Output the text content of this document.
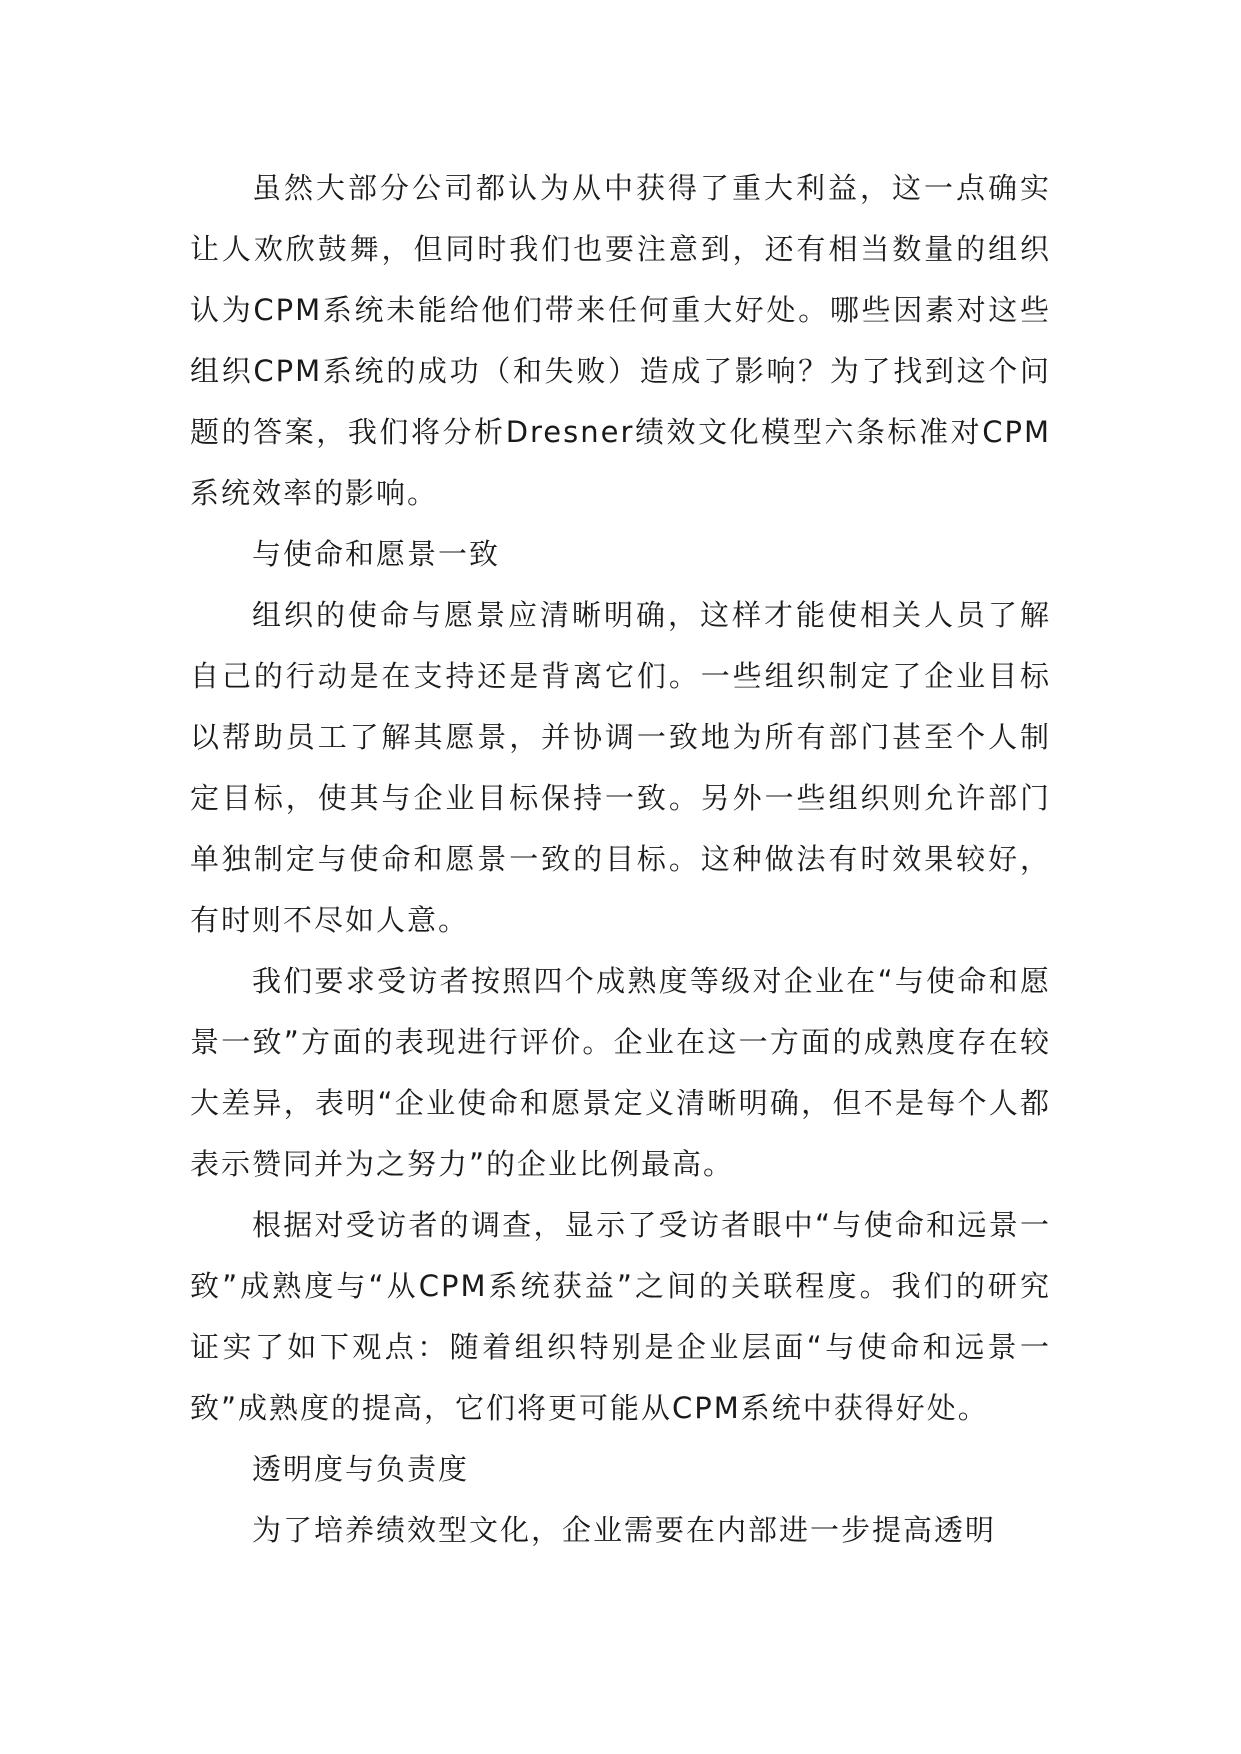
虽然大部分公司都认为从中获得了重大利益，这一点确实让人欢欣鼓舞，但同时我们也要注意到，还有相当数量的组织认为CPM系统未能给他们带来任何重大好处。哪些因素对这些组织CPM系统的成功（和失败）造成了影响？为了找到这个问题的答案，我们将分析Dresner绩效文化模型六条标准对CPM系统效率的影响。

与使命和愿景一致

组织的使命与愿景应清晰明确，这样才能使相关人员了解自己的行动是在支持还是背离它们。一些组织制定了企业目标以帮助员工了解其愿景，并协调一致地为所有部门甚至个人制定目标，使其与企业目标保持一致。另外一些组织则允许部门单独制定与使命和愿景一致的目标。这种做法有时效果较好，有时则不尽如人意。

我们要求受访者按照四个成熟度等级对企业在“与使命和愿景一致”方面的表现进行评价。企业在这一方面的成熟度存在较大差异，表明“企业使命和愿景定义清晰明确，但不是每个人都表示赞同并为之努力”的企业比例最高。

根据对受访者的调查，显示了受访者眼中“与使命和远景一致”成熟度与“从CPM系统获益”之间的关联程度。我们的研究证实了如下观点：随着组织特别是企业层面“与使命和远景一致”成熟度的提高，它们将更可能从CPM系统中获得好处。

透明度与负责度

为了培养绩效型文化，企业需要在内部进一步提高透明
